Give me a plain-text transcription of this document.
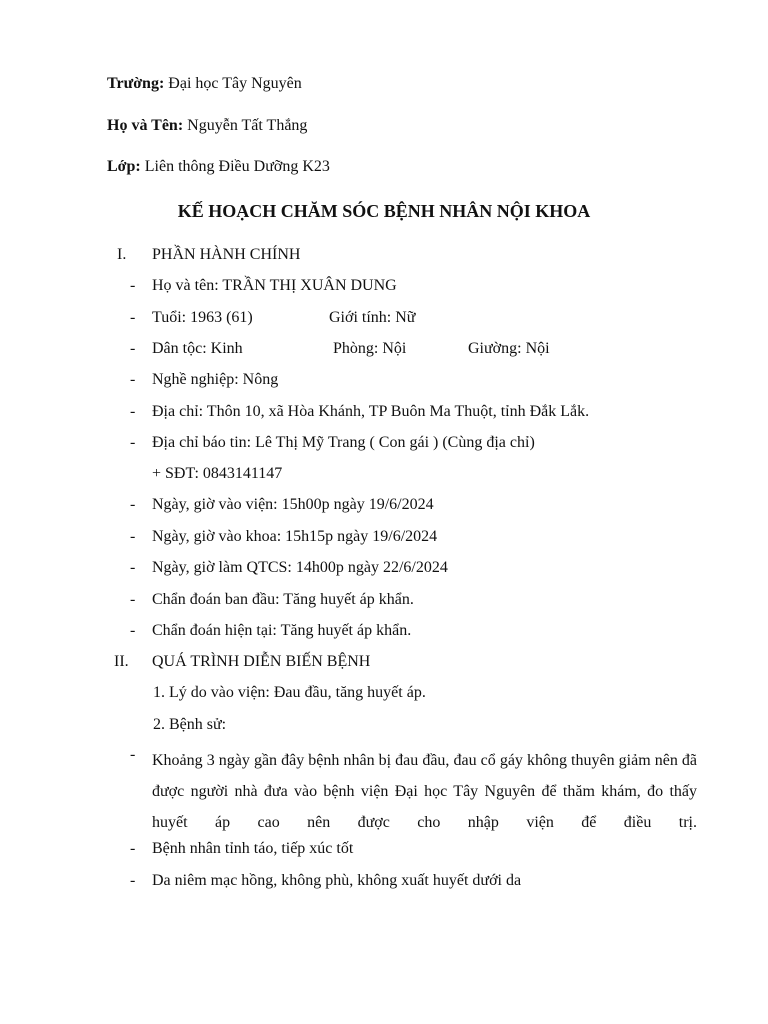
Trường: Đại học Tây Nguyên
Họ và Tên: Nguyễn Tất Thắng
Lớp: Liên thông Điều Dưỡng K23
KẾ HOẠCH CHĂM SÓC BỆNH NHÂN NỘI KHOA
I. PHẦN HÀNH CHÍNH
- Họ và tên: TRẦN THỊ XUÂN DUNG
- Tuổi: 1963 (61)	Giới tính: Nữ
- Dân tộc: Kinh	Phòng: Nội	Giường: Nội
- Nghề nghiệp: Nông
- Địa chỉ: Thôn 10, xã Hòa Khánh, TP Buôn Ma Thuột, tỉnh Đắk Lắk.
- Địa chỉ báo tin: Lê Thị Mỹ Trang ( Con gái ) (Cùng địa chỉ)
+ SĐT: 0843141147
- Ngày, giờ vào viện: 15h00p ngày 19/6/2024
- Ngày, giờ vào khoa: 15h15p ngày 19/6/2024
- Ngày, giờ làm QTCS: 14h00p ngày 22/6/2024
- Chẩn đoán ban đầu: Tăng huyết áp khẩn.
- Chẩn đoán hiện tại: Tăng huyết áp khẩn.
II. QUÁ TRÌNH DIỄN BIẾN BỆNH
1. Lý do vào viện: Đau đầu, tăng huyết áp.
2. Bệnh sử:
- Khoảng 3 ngày gần đây bệnh nhân bị đau đầu, đau cổ gáy không thuyên giảm nên đã được người nhà đưa vào bệnh viện Đại học Tây Nguyên để thăm khám, đo thấy huyết áp cao nên được cho nhập viện để điều trị.
- Bệnh nhân tỉnh táo, tiếp xúc tốt
- Da niêm mạc hồng, không phù, không xuất huyết dưới da
